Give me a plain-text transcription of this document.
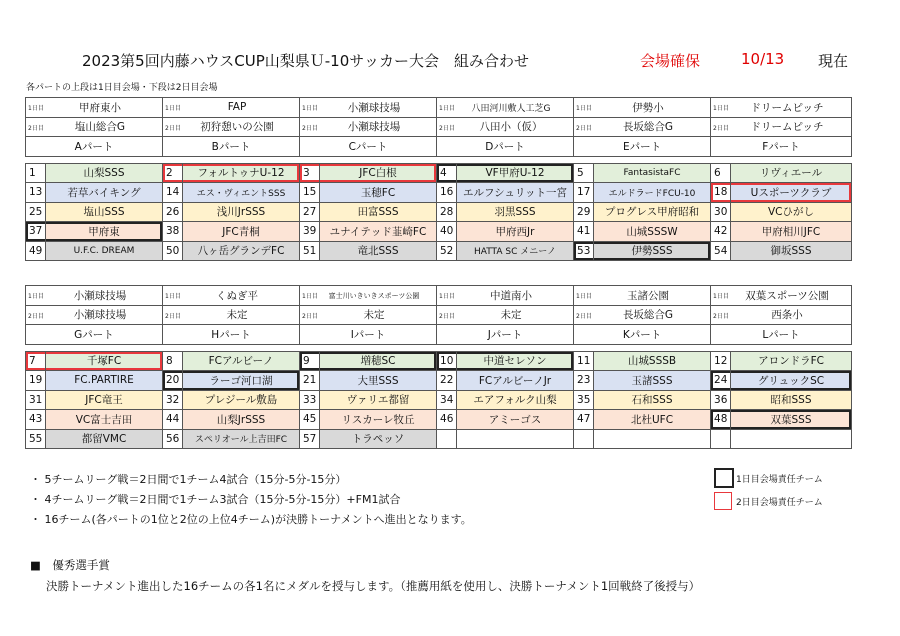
2023第5回内藤ハウスCUP山梨県Ｕ-10サッカー大会　組み合わせ	会場確保	10/13 現在
各パートの上段は1日目会場・下段は2日目会場
1日目 甲府東小		1日目 FAP		1日目 小瀬球技場		1日目 八田河川敷人工芝G		1日目 伊勢小		1日目 ドリームピッチ	

2日目 塩山総合G		2日目 初狩憩いの公園		2日目 小瀬球技場		2日目 八田小（仮）		2日目 長坂総合G		2日目 ドリームピッチ	
Aパート		Bパート		Cパート		Dパート		Eパート		Fパート	

1	山梨SSS	2	フォルトゥナU-12	3	JFC白根	4	VF甲府U-12	5	FantasistaFC	6	リヴィエール
13	若草バイキング	14	エス・ヴィエントSSS	15	玉穂FC	16	エルフシュリット一宮	17	エルドラードFCU-10	18	Uスポーツクラブ
25	塩山SSS	26	浅川JrSSS	27	田富SSS	28	羽黒SSS	29	プログレス甲府昭和	30	VCひがし
37	甲府東	38	JFC青桐	39	ユナイテッド韮崎FC	40	甲府西Jr	41	山城SSSW	42	甲府相川JFC
49	U.F.C. DREAM	50	八ヶ岳グランデFC	51	竜北SSS	52	HATTA SC メニーノ	53	伊勢SSS	54	御坂SSS
1日目 小瀬球技場		1日目 くぬぎ平		1日目 富士川いきいきスポーツ公園		1日目 中道南小		1日目 玉諸公園		1日目 双葉スポーツ公園	

2日目 小瀬球技場		2日目 未定		2日目 未定		2日目 未定		2日目 長坂総合G		2日目 西条小	
Gパート		Hパート		Iパート		Jパート		Kパート		Lパート	

7	千塚FC	8	FCアルビーノ	9	増穂SC	10	中道セレソン	11	山城SSSB	12	アロンドラFC
19	FC.PARTIRE	20	ラーゴ河口湖	21	大里SSS	22	FCアルビーノJr	23	玉諸SSS	24	グリュックSC
31	JFC竜王	32	プレジール敷島	33	ヴァリエ都留	34	エアフォルク山梨	35	石和SSS	36	昭和SSS
43	VC富士吉田	44	山梨JrSSS	45	リスカーレ牧丘	46	アミーゴス	47	北杜UFC	48	双葉SSS
55	都留VMC	56	スペリオール上吉田FC	57	トラペッソ						
・ 5チームリーグ戦＝2日間で1チーム4試合（15分-5分-15分）
・ 4チームリーグ戦＝2日間で1チーム3試合（15分-5分-15分）+FM1試合
・ 16チーム(各パートの1位と2位の上位4チーム)が決勝トーナメントへ進出となります。
1日目会場責任チーム
2日目会場責任チーム
■　優秀選手賞
決勝トーナメント進出した16チームの各1名にメダルを授与します。（推薦用紙を使用し、決勝トーナメント1回戦終了後授与）
